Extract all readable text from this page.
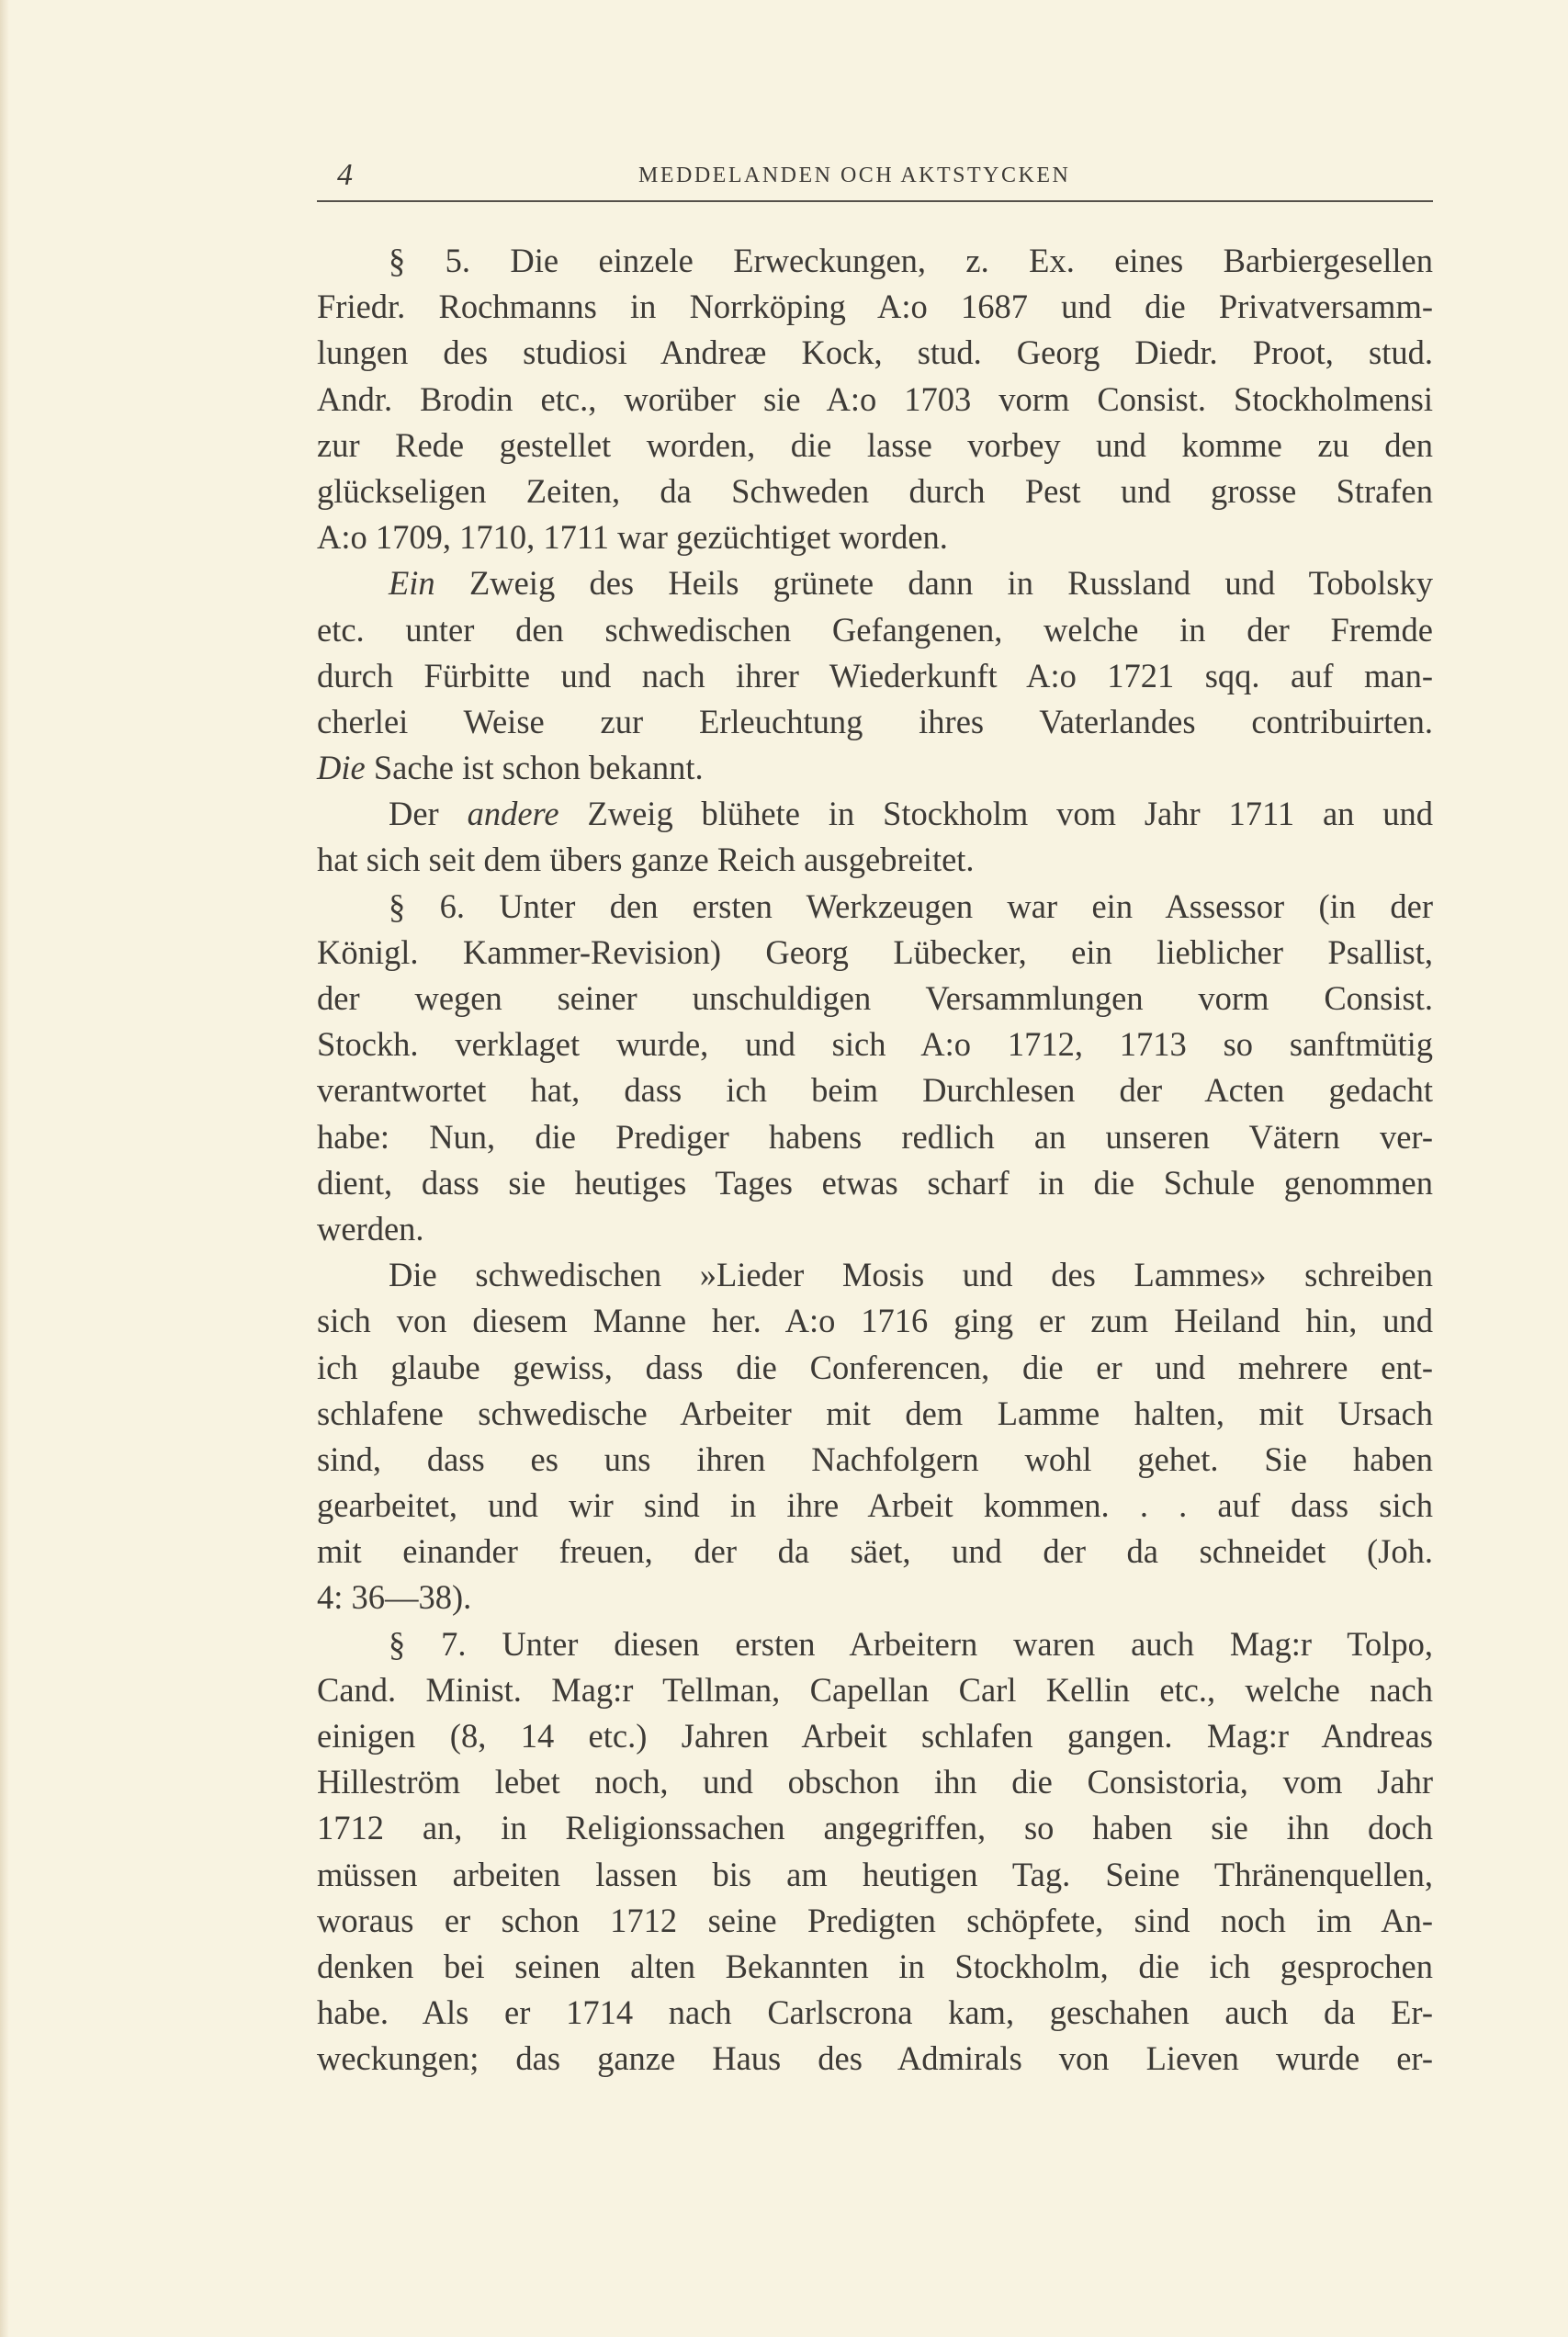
4	MEDDELANDEN OCH AKTSTYCKEN
§ 5. Die einzele Erweckungen, z. Ex. eines Barbiergesellen
Friedr. Rochmanns in Norrköping A:o 1687 und die Privatversamm-
lungen des studiosi Andreæ Kock, stud. Georg Diedr. Proot, stud.
Andr. Brodin etc., worüber sie A:o 1703 vorm Consist. Stockholmensi
zur Rede gestellet worden, die lasse vorbey und komme zu den
glückseligen Zeiten, da Schweden durch Pest und grosse Strafen
A:o 1709, 1710, 1711 war gezüchtiget worden.
Ein Zweig des Heils grünete dann in Russland und Tobolsky
etc. unter den schwedischen Gefangenen, welche in der Fremde
durch Fürbitte und nach ihrer Wiederkunft A:o 1721 sqq. auf man-
cherlei Weise zur Erleuchtung ihres Vaterlandes contribuirten.
Die Sache ist schon bekannt.
Der andere Zweig blühete in Stockholm vom Jahr 1711 an und
hat sich seit dem übers ganze Reich ausgebreitet.
§ 6. Unter den ersten Werkzeugen war ein Assessor (in der
Königl. Kammer-Revision) Georg Lübecker, ein lieblicher Psallist,
der wegen seiner unschuldigen Versammlungen vorm Consist.
Stockh. verklaget wurde, und sich A:o 1712, 1713 so sanftmütig
verantwortet hat, dass ich beim Durchlesen der Acten gedacht
habe: Nun, die Prediger habens redlich an unseren Vätern ver-
dient, dass sie heutiges Tages etwas scharf in die Schule genommen
werden.
Die schwedischen »Lieder Mosis und des Lammes» schreiben
sich von diesem Manne her. A:o 1716 ging er zum Heiland hin, und
ich glaube gewiss, dass die Conferencen, die er und mehrere ent-
schlafene schwedische Arbeiter mit dem Lamme halten, mit Ursach
sind, dass es uns ihren Nachfolgern wohl gehet. Sie haben
gearbeitet, und wir sind in ihre Arbeit kommen. . . auf dass sich
mit einander freuen, der da säet, und der da schneidet (Joh.
4: 36—38).
§ 7. Unter diesen ersten Arbeitern waren auch Mag:r Tolpo,
Cand. Minist. Mag:r Tellman, Capellan Carl Kellin etc., welche nach
einigen (8, 14 etc.) Jahren Arbeit schlafen gangen. Mag:r Andreas
Hilleström lebet noch, und obschon ihn die Consistoria, vom Jahr
1712 an, in Religionssachen angegriffen, so haben sie ihn doch
müssen arbeiten lassen bis am heutigen Tag. Seine Thränenquellen,
woraus er schon 1712 seine Predigten schöpfete, sind noch im An-
denken bei seinen alten Bekannten in Stockholm, die ich gesprochen
habe. Als er 1714 nach Carlscrona kam, geschahen auch da Er-
weckungen; das ganze Haus des Admirals von Lieven wurde er-
